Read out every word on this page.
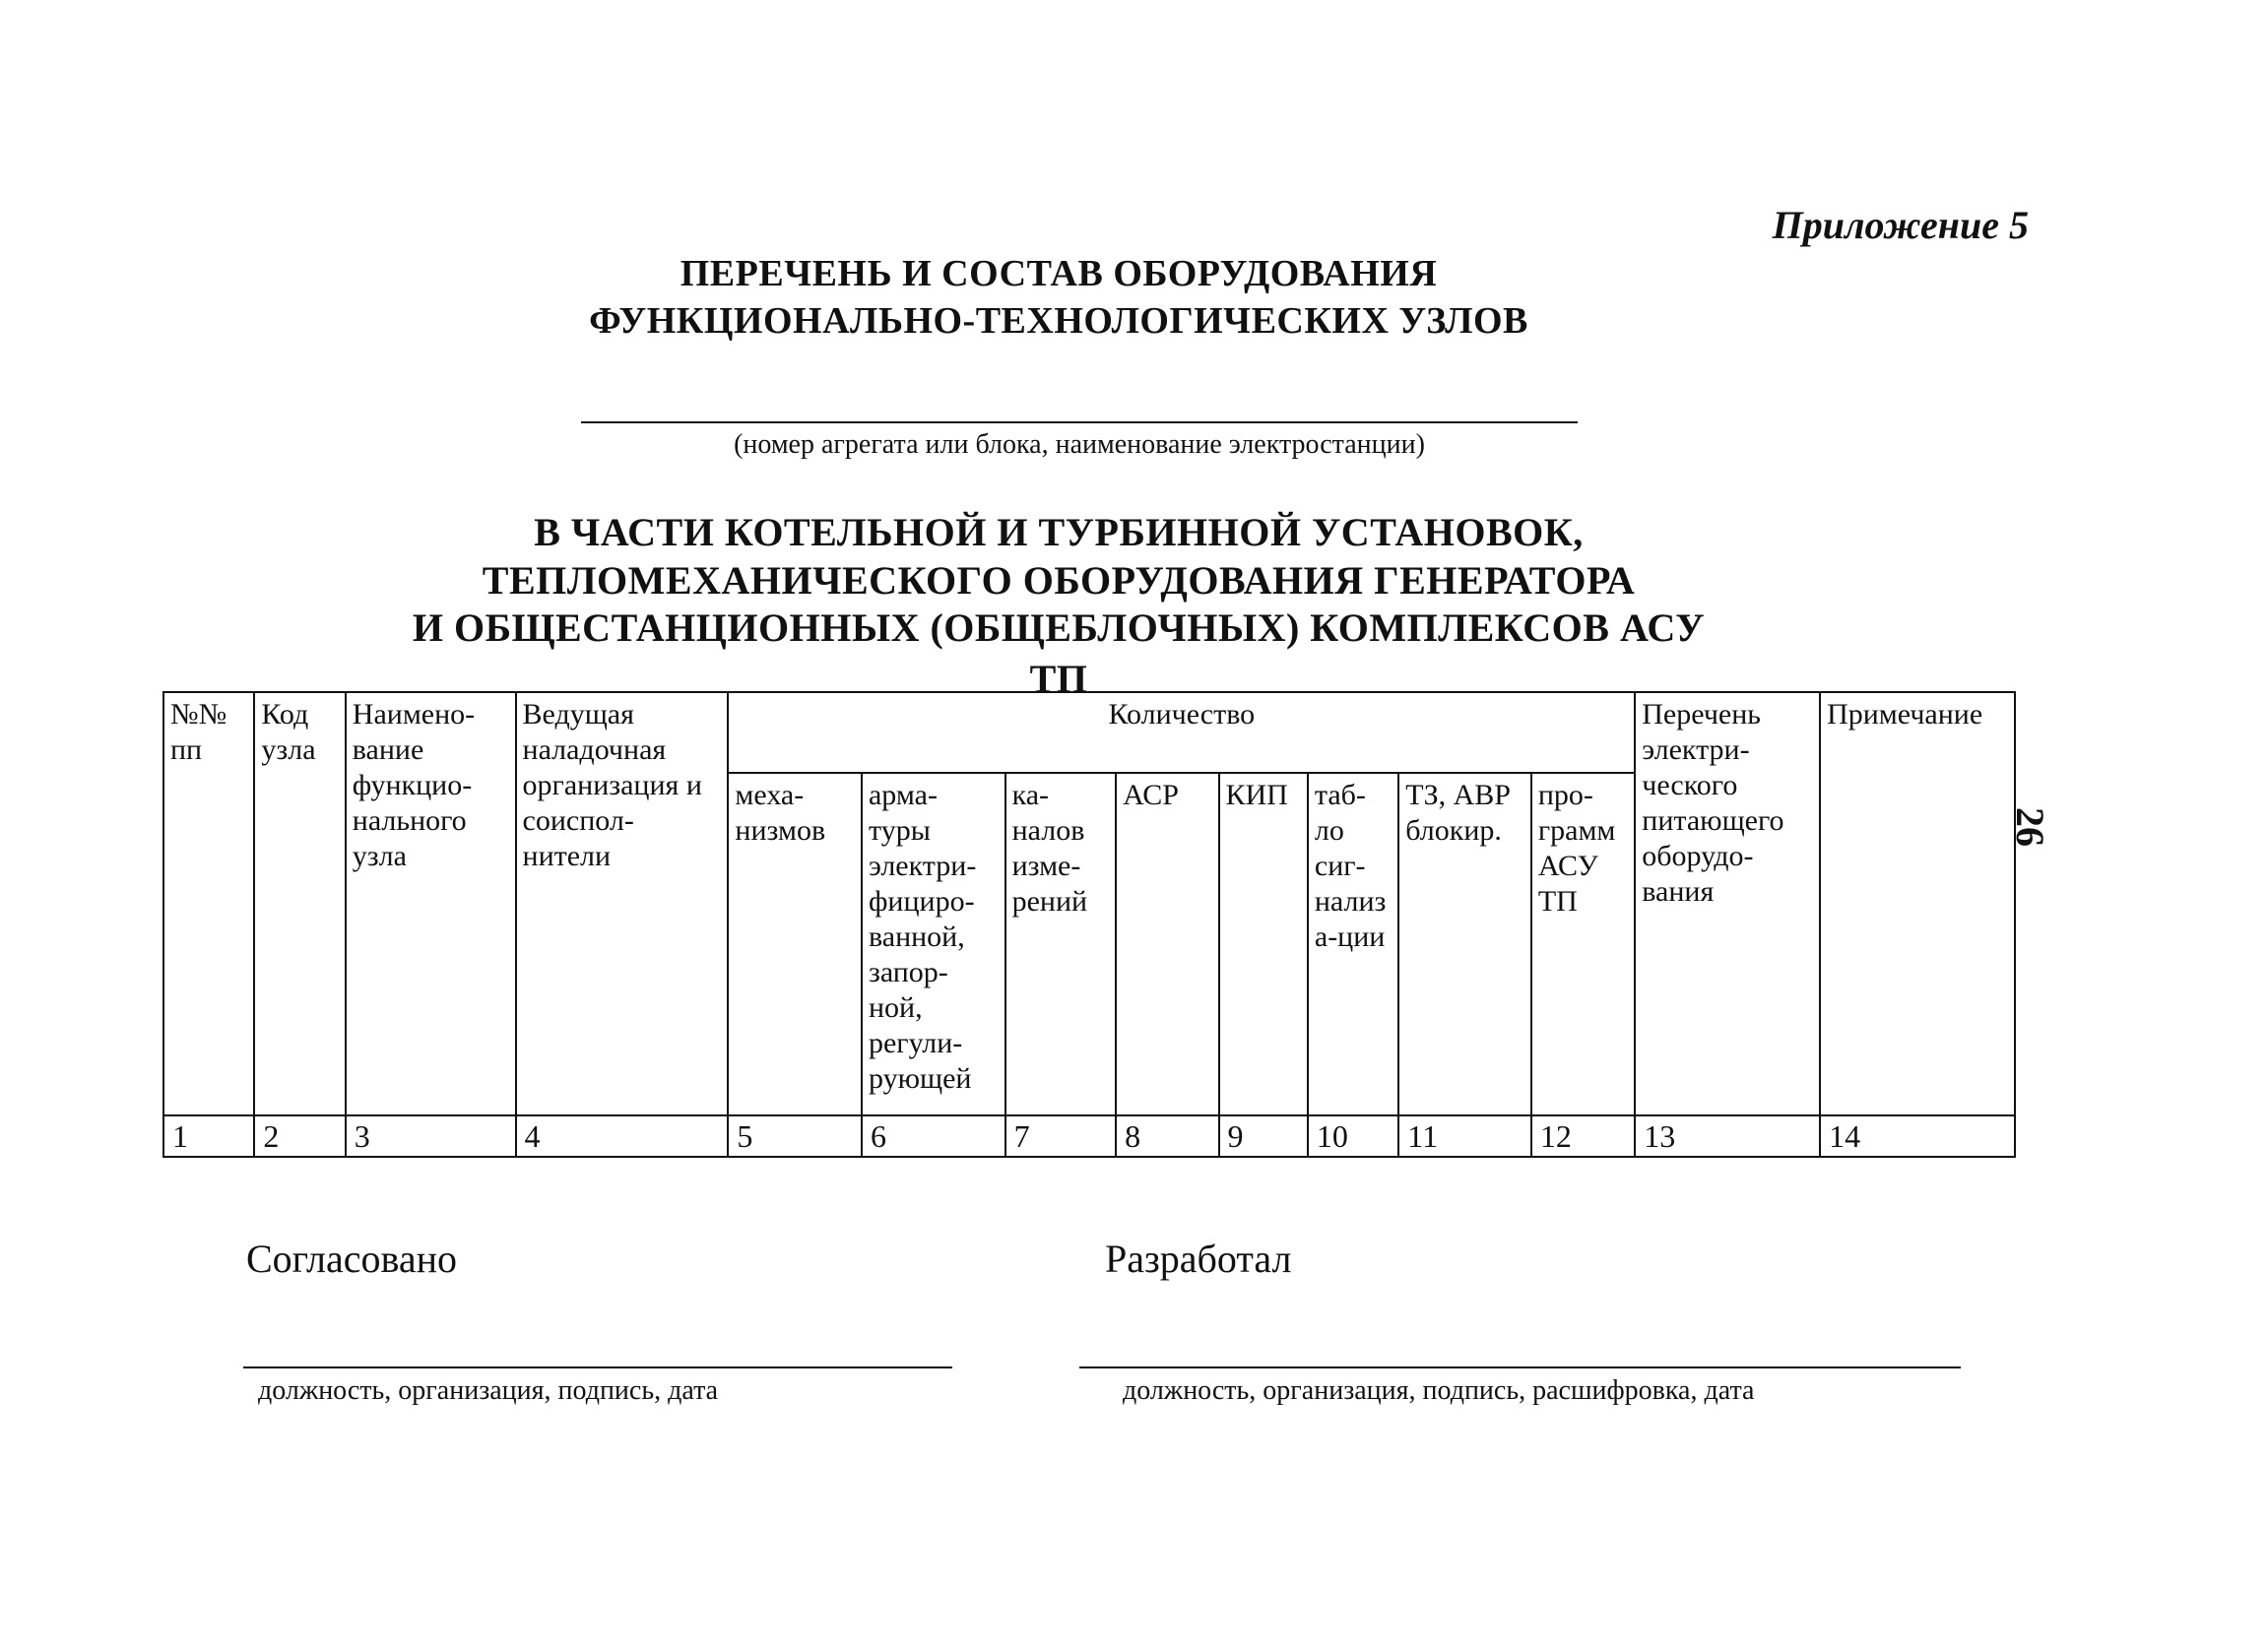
Приложение 5
ПЕРЕЧЕНЬ И СОСТАВ ОБОРУДОВАНИЯ
ФУНКЦИОНАЛЬНО-ТЕХНОЛОГИЧЕСКИХ УЗЛОВ
(номер агрегата или блока, наименование электростанции)
В ЧАСТИ КОТЕЛЬНОЙ И ТУРБИННОЙ УСТАНОВОК,
ТЕПЛОМЕХАНИЧЕСКОГО ОБОРУДОВАНИЯ ГЕНЕРАТОРА
И ОБЩЕСТАНЦИОННЫХ (ОБЩЕБЛОЧНЫХ) КОМПЛЕКСОВ АСУ ТП
26
№№ пп	Код узла	Наимено-вание функцио-нального узла	Ведущая наладочная организация и соиспол-нители	Количество								Перечень электри-ческого питающего оборудо-вания	Примечание
				меха-низмов	арма-туры электри-фициро-ванной, запор-ной, регули-рующей	ка-налов изме-рений	АСР	КИП	таб-ло сиг-нализ а-ции	ТЗ, АВР блокир.	про-грамм АСУ ТП		
1	2	3	4	5	6	7	8	9	10	11	12	13	14
Согласовано	Разработал
должность, организация, подпись, дата	должность, организация, подпись, расшифровка, дата
